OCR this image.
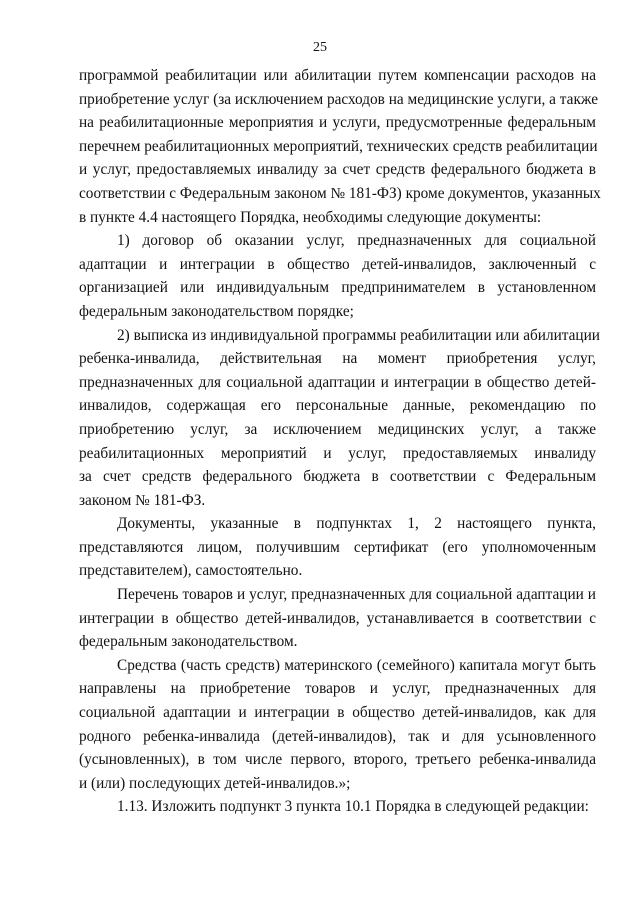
25
программой реабилитации или абилитации путем компенсации расходов на
приобретение услуг (за исключением расходов на медицинские услуги, а также
на реабилитационные мероприятия и услуги, предусмотренные федеральным
перечнем реабилитационных мероприятий, технических средств реабилитации
и услуг, предоставляемых инвалиду за счет средств федерального бюджета в
соответствии с Федеральным законом № 181-ФЗ) кроме документов, указанных
в пункте 4.4 настоящего Порядка, необходимы следующие документы:
1) договор об оказании услуг, предназначенных для социальной
адаптации и интеграции в общество детей-инвалидов, заключенный с
организацией или индивидуальным предпринимателем в установленном
федеральным законодательством порядке;
2) выписка из индивидуальной программы реабилитации или абилитации
ребенка-инвалида, действительная на момент приобретения услуг,
предназначенных для социальной адаптации и интеграции в общество детей-
инвалидов, содержащая его персональные данные, рекомендацию по
приобретению услуг, за исключением медицинских услуг, а также
реабилитационных мероприятий и услуг, предоставляемых инвалиду
за счет средств федерального бюджета в соответствии с Федеральным
законом № 181-ФЗ.
Документы, указанные в подпунктах 1, 2 настоящего пункта,
представляются лицом, получившим сертификат (его уполномоченным
представителем), самостоятельно.
Перечень товаров и услуг, предназначенных для социальной адаптации и
интеграции в общество детей-инвалидов, устанавливается в соответствии с
федеральным законодательством.
Средства (часть средств) материнского (семейного) капитала могут быть
направлены на приобретение товаров и услуг, предназначенных для
социальной адаптации и интеграции в общество детей-инвалидов, как для
родного ребенка-инвалида (детей-инвалидов), так и для усыновленного
(усыновленных), в том числе первого, второго, третьего ребенка-инвалида
и (или) последующих детей-инвалидов.»;
1.13. Изложить подпункт 3 пункта 10.1 Порядка в следующей редакции:
